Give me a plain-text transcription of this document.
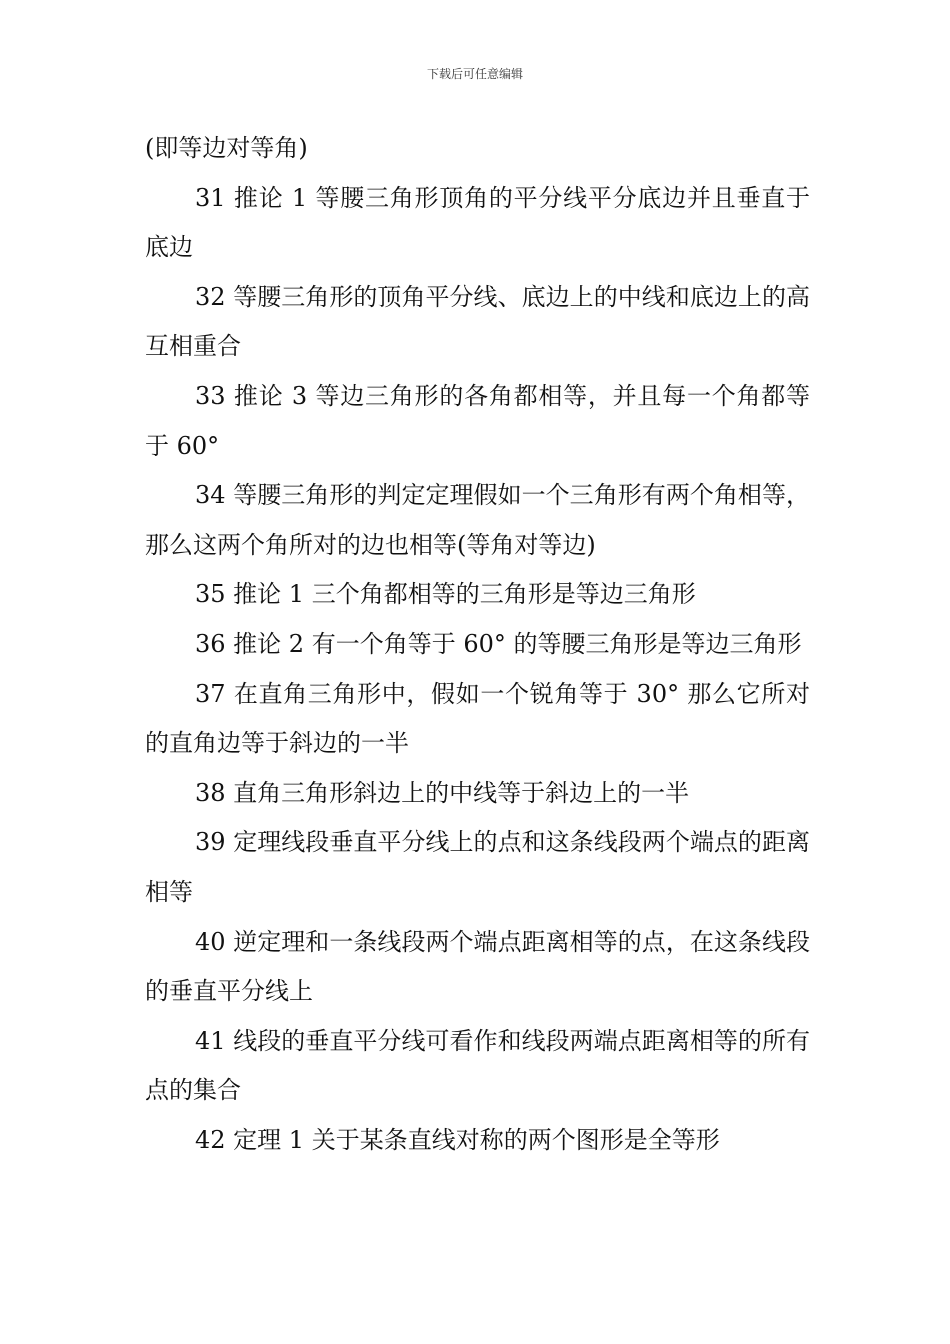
下载后可任意编辑

(即等边对等角)

31 推论 1 等腰三角形顶角的平分线平分底边并且垂直于底边

32 等腰三角形的顶角平分线、底边上的中线和底边上的高互相重合

33 推论 3 等边三角形的各角都相等，并且每一个角都等于 60°

34 等腰三角形的判定定理假如一个三角形有两个角相等，那么这两个角所对的边也相等(等角对等边)

35 推论 1 三个角都相等的三角形是等边三角形

36 推论 2 有一个角等于 60° 的等腰三角形是等边三角形

37 在直角三角形中，假如一个锐角等于 30° 那么它所对的直角边等于斜边的一半

38 直角三角形斜边上的中线等于斜边上的一半

39 定理线段垂直平分线上的点和这条线段两个端点的距离相等

40 逆定理和一条线段两个端点距离相等的点，在这条线段的垂直平分线上

41 线段的垂直平分线可看作和线段两端点距离相等的所有点的集合

42 定理 1 关于某条直线对称的两个图形是全等形
